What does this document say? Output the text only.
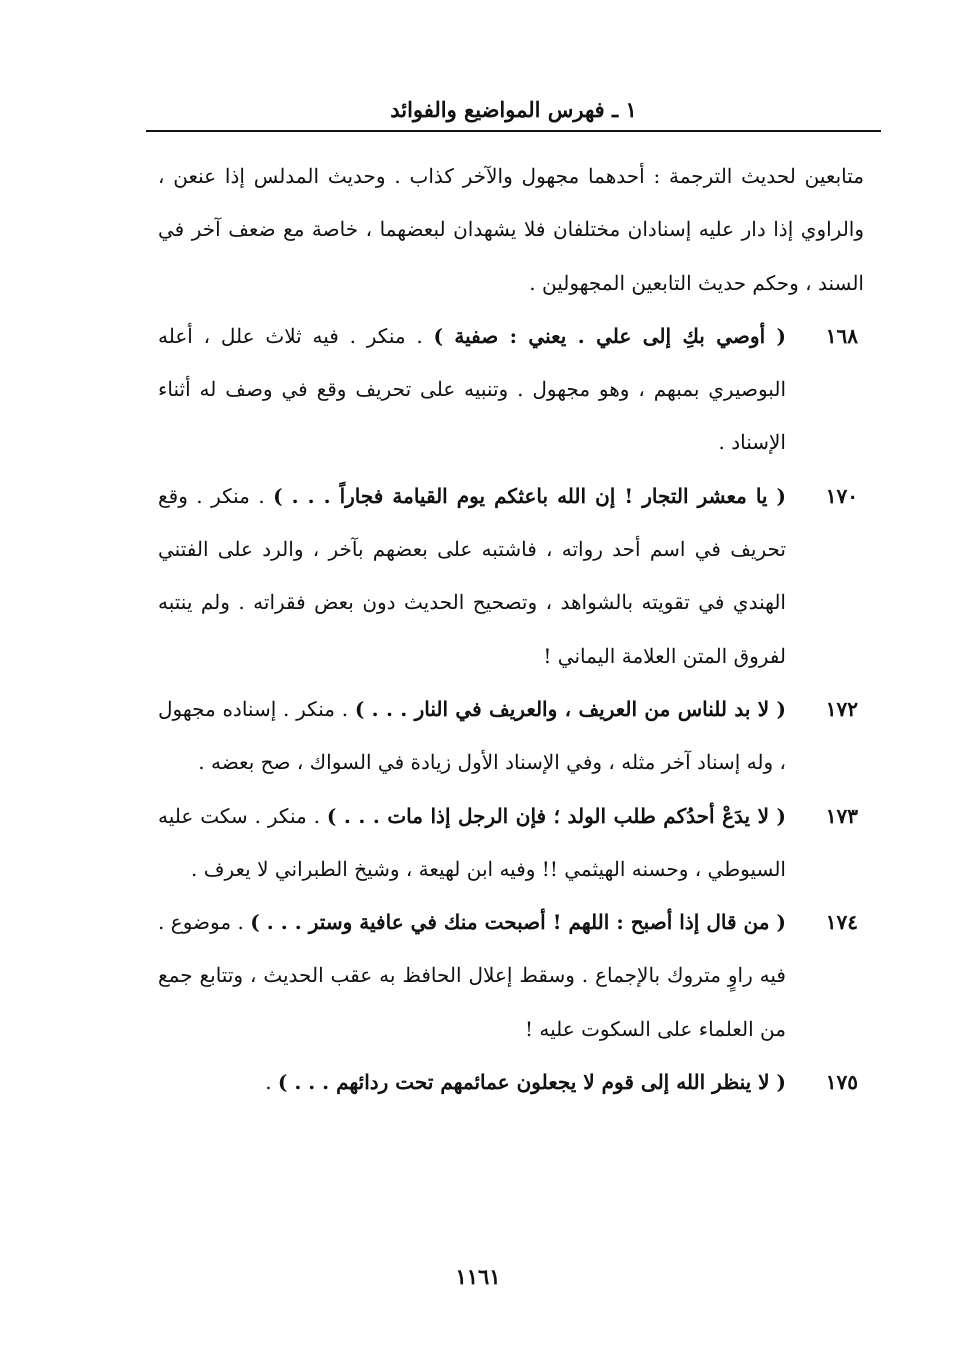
١ ـ فهرس المواضيع والفوائد

متابعين لحديث الترجمة : أحدهما مجهول والآخر كذاب . وحديث المدلس إذا عنعن ، والراوي إذا دار عليه إسنادان مختلفان فلا يشهدان لبعضهما ، خاصة مع ضعف آخر في السند ، وحكم حديث التابعين المجهولين .

١٦٨

( أوصي بكِ إلى علي . يعني : صفية ) . منكر . فيه ثلاث علل ، أعله البوصيري بمبهم ، وهو مجهول . وتنبيه على تحريف وقع في وصف له أثناء الإسناد .

١٧٠

( يا معشر التجار ! إن الله باعثكم يوم القيامة فجاراً . . . ) . منكر . وقع تحريف في اسم أحد رواته ، فاشتبه على بعضهم بآخر ، والرد على الفتني الهندي في تقويته بالشواهد ، وتصحيح الحديث دون بعض فقراته . ولم ينتبه لفروق المتن العلامة اليماني !

١٧٢

( لا بد للناس من العريف ، والعريف في النار . . . ) . منكر . إسناده مجهول ، وله إسناد آخر مثله ، وفي الإسناد الأول زيادة في السواك ، صح بعضه .

١٧٣

( لا يدَعْ أحدُكم طلب الولد ؛ فإن الرجل إذا مات . . . ) . منكر . سكت عليه السيوطي ، وحسنه الهيثمي !! وفيه ابن لهيعة ، وشيخ الطبراني لا يعرف .

١٧٤

( من قال إذا أصبح : اللهم ! أصبحت منك في عافية وستر . . . ) . موضوع . فيه راوٍ متروك بالإجماع . وسقط إعلال الحافظ به عقب الحديث ، وتتابع جمع من العلماء على السكوت عليه !

١٧٥

( لا ينظر الله إلى قوم لا يجعلون عمائمهم تحت ردائهم . . . ) .

١١٦١
